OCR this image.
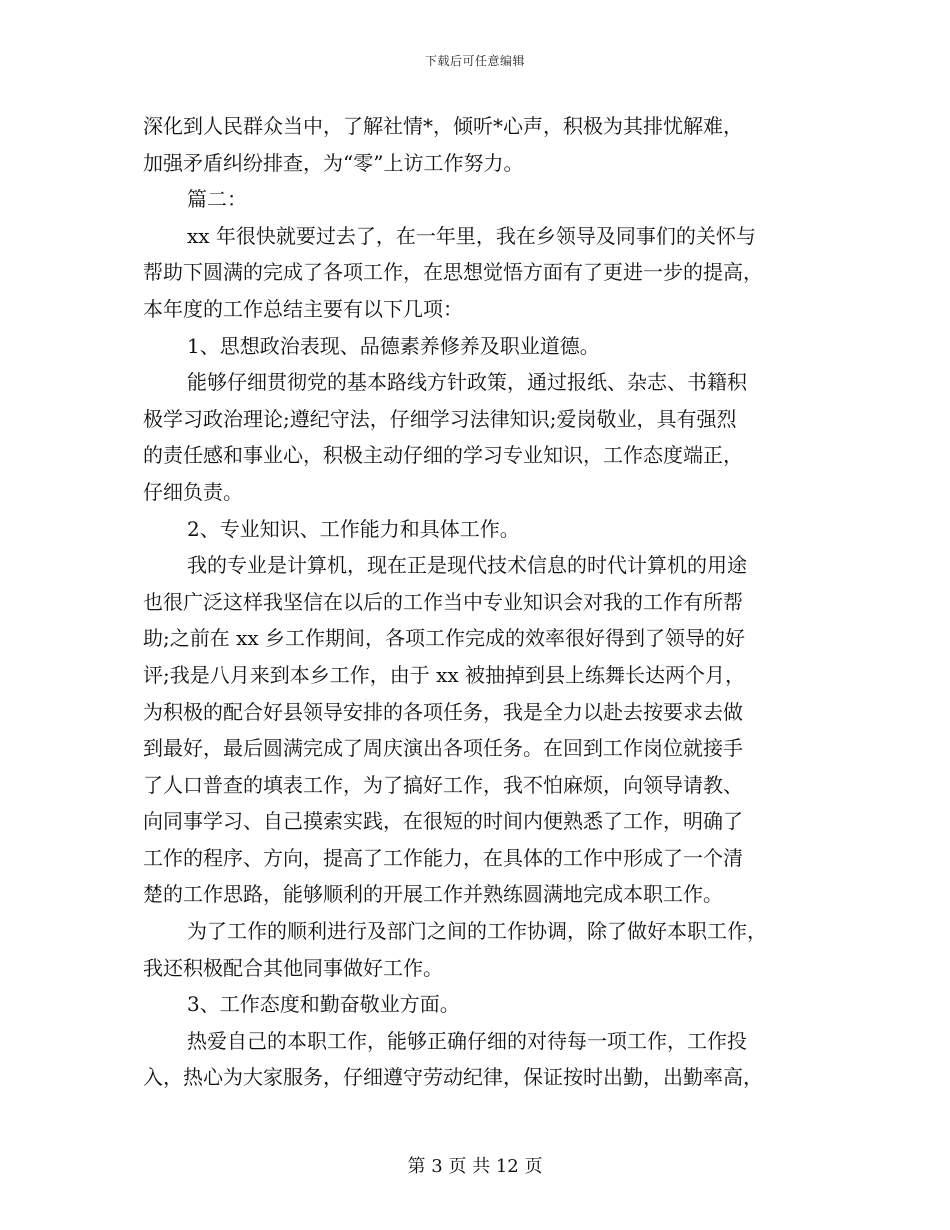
下载后可任意编辑
深化到人民群众当中，了解社情*，倾听*心声，积极为其排忧解难，
加强矛盾纠纷排查，为“零”上访工作努力。
篇二：
xx 年很快就要过去了，在一年里，我在乡领导及同事们的关怀与
帮助下圆满的完成了各项工作，在思想觉悟方面有了更进一步的提高，
本年度的工作总结主要有以下几项：
1、思想政治表现、品德素养修养及职业道德。
能够仔细贯彻党的基本路线方针政策，通过报纸、杂志、书籍积
极学习政治理论;遵纪守法，仔细学习法律知识;爱岗敬业，具有强烈
的责任感和事业心，积极主动仔细的学习专业知识，工作态度端正，
仔细负责。
2、专业知识、工作能力和具体工作。
我的专业是计算机，现在正是现代技术信息的时代计算机的用途
也很广泛这样我坚信在以后的工作当中专业知识会对我的工作有所帮
助;之前在 xx 乡工作期间，各项工作完成的效率很好得到了领导的好
评;我是八月来到本乡工作，由于 xx 被抽掉到县上练舞长达两个月，
为积极的配合好县领导安排的各项任务，我是全力以赴去按要求去做
到最好，最后圆满完成了周庆演出各项任务。在回到工作岗位就接手
了人口普查的填表工作，为了搞好工作，我不怕麻烦，向领导请教、
向同事学习、自己摸索实践，在很短的时间内便熟悉了工作，明确了
工作的程序、方向，提高了工作能力，在具体的工作中形成了一个清
楚的工作思路，能够顺利的开展工作并熟练圆满地完成本职工作。
为了工作的顺利进行及部门之间的工作协调，除了做好本职工作，
我还积极配合其他同事做好工作。
3、工作态度和勤奋敬业方面。
热爱自己的本职工作，能够正确仔细的对待每一项工作，工作投
入，热心为大家服务，仔细遵守劳动纪律，保证按时出勤，出勤率高，
第 3 页 共 12 页
